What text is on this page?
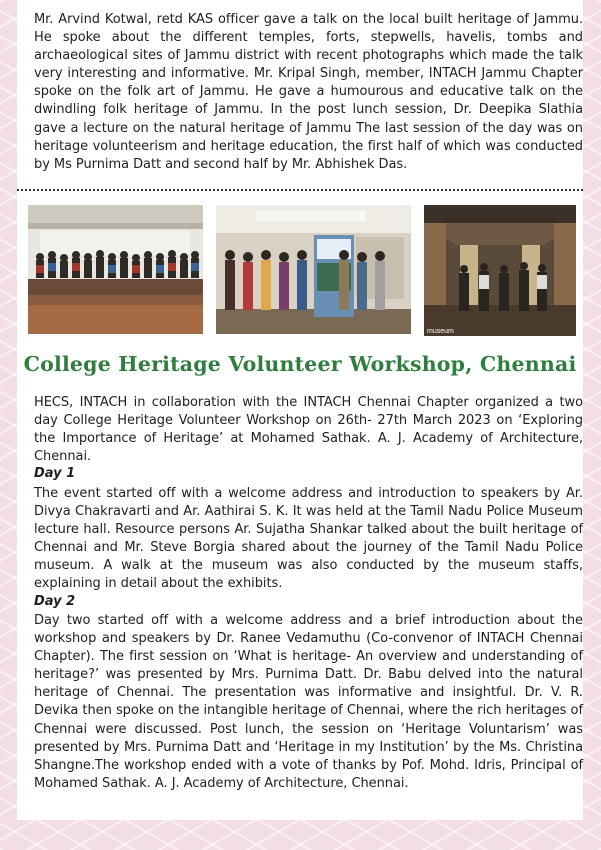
Mr. Arvind Kotwal, retd KAS officer gave a talk on the local built heritage of Jammu. He spoke about the different temples, forts, stepwells, havelis, tombs and archaeological sites of Jammu district with recent photographs which made the talk very interesting and informative. Mr. Kripal Singh, member, INTACH Jammu Chapter spoke on the folk art of Jammu. He gave a humourous and educative talk on the dwindling folk heritage of Jammu. In the post lunch session, Dr. Deepika Slathia gave a lecture on the natural heritage of Jammu The last session of the day was on heritage volunteerism and heritage education, the first half of which was conducted by Ms Purnima Datt and second half by Mr. Abhishek Das.

museum
College Heritage Volunteer Workshop, Chennai

HECS, INTACH in collaboration with the INTACH Chennai Chapter organized a two day College Heritage Volunteer Workshop on 26th- 27th March 2023 on ‘Exploring the Importance of Heritage’ at Mohamed Sathak. A. J. Academy of Architecture, Chennai.

Day 1

The event started off with a welcome address and introduction to speakers by Ar. Divya Chakravarti and Ar. Aathirai S. K. It was held at the Tamil Nadu Police Museum lecture hall. Resource persons Ar. Sujatha Shankar talked about the built heritage of Chennai and Mr. Steve Borgia shared about the journey of the Tamil Nadu Police museum. A walk at the museum was also conducted by the museum staffs, explaining in detail about the exhibits.

Day 2

Day two started off with a welcome address and a brief introduction about the workshop and speakers by Dr. Ranee Vedamuthu (Co-convenor of INTACH Chennai Chapter). The first session on ‘What is heritage- An overview and understanding of heritage?’ was presented by Mrs. Purnima Datt. Dr. Babu delved into the natural heritage of Chennai. The presentation was informative and insightful. Dr. V. R. Devika then spoke on the intangible heritage of Chennai, where the rich heritages of Chennai were discussed. Post lunch, the session on ‘Heritage Voluntarism’ was presented by Mrs. Purnima Datt and ‘Heritage in my Institution’ by the Ms. Christina Shangne.The workshop ended with a vote of thanks by Pof. Mohd. Idris, Principal of Mohamed Sathak. A. J. Academy of Architecture, Chennai.
